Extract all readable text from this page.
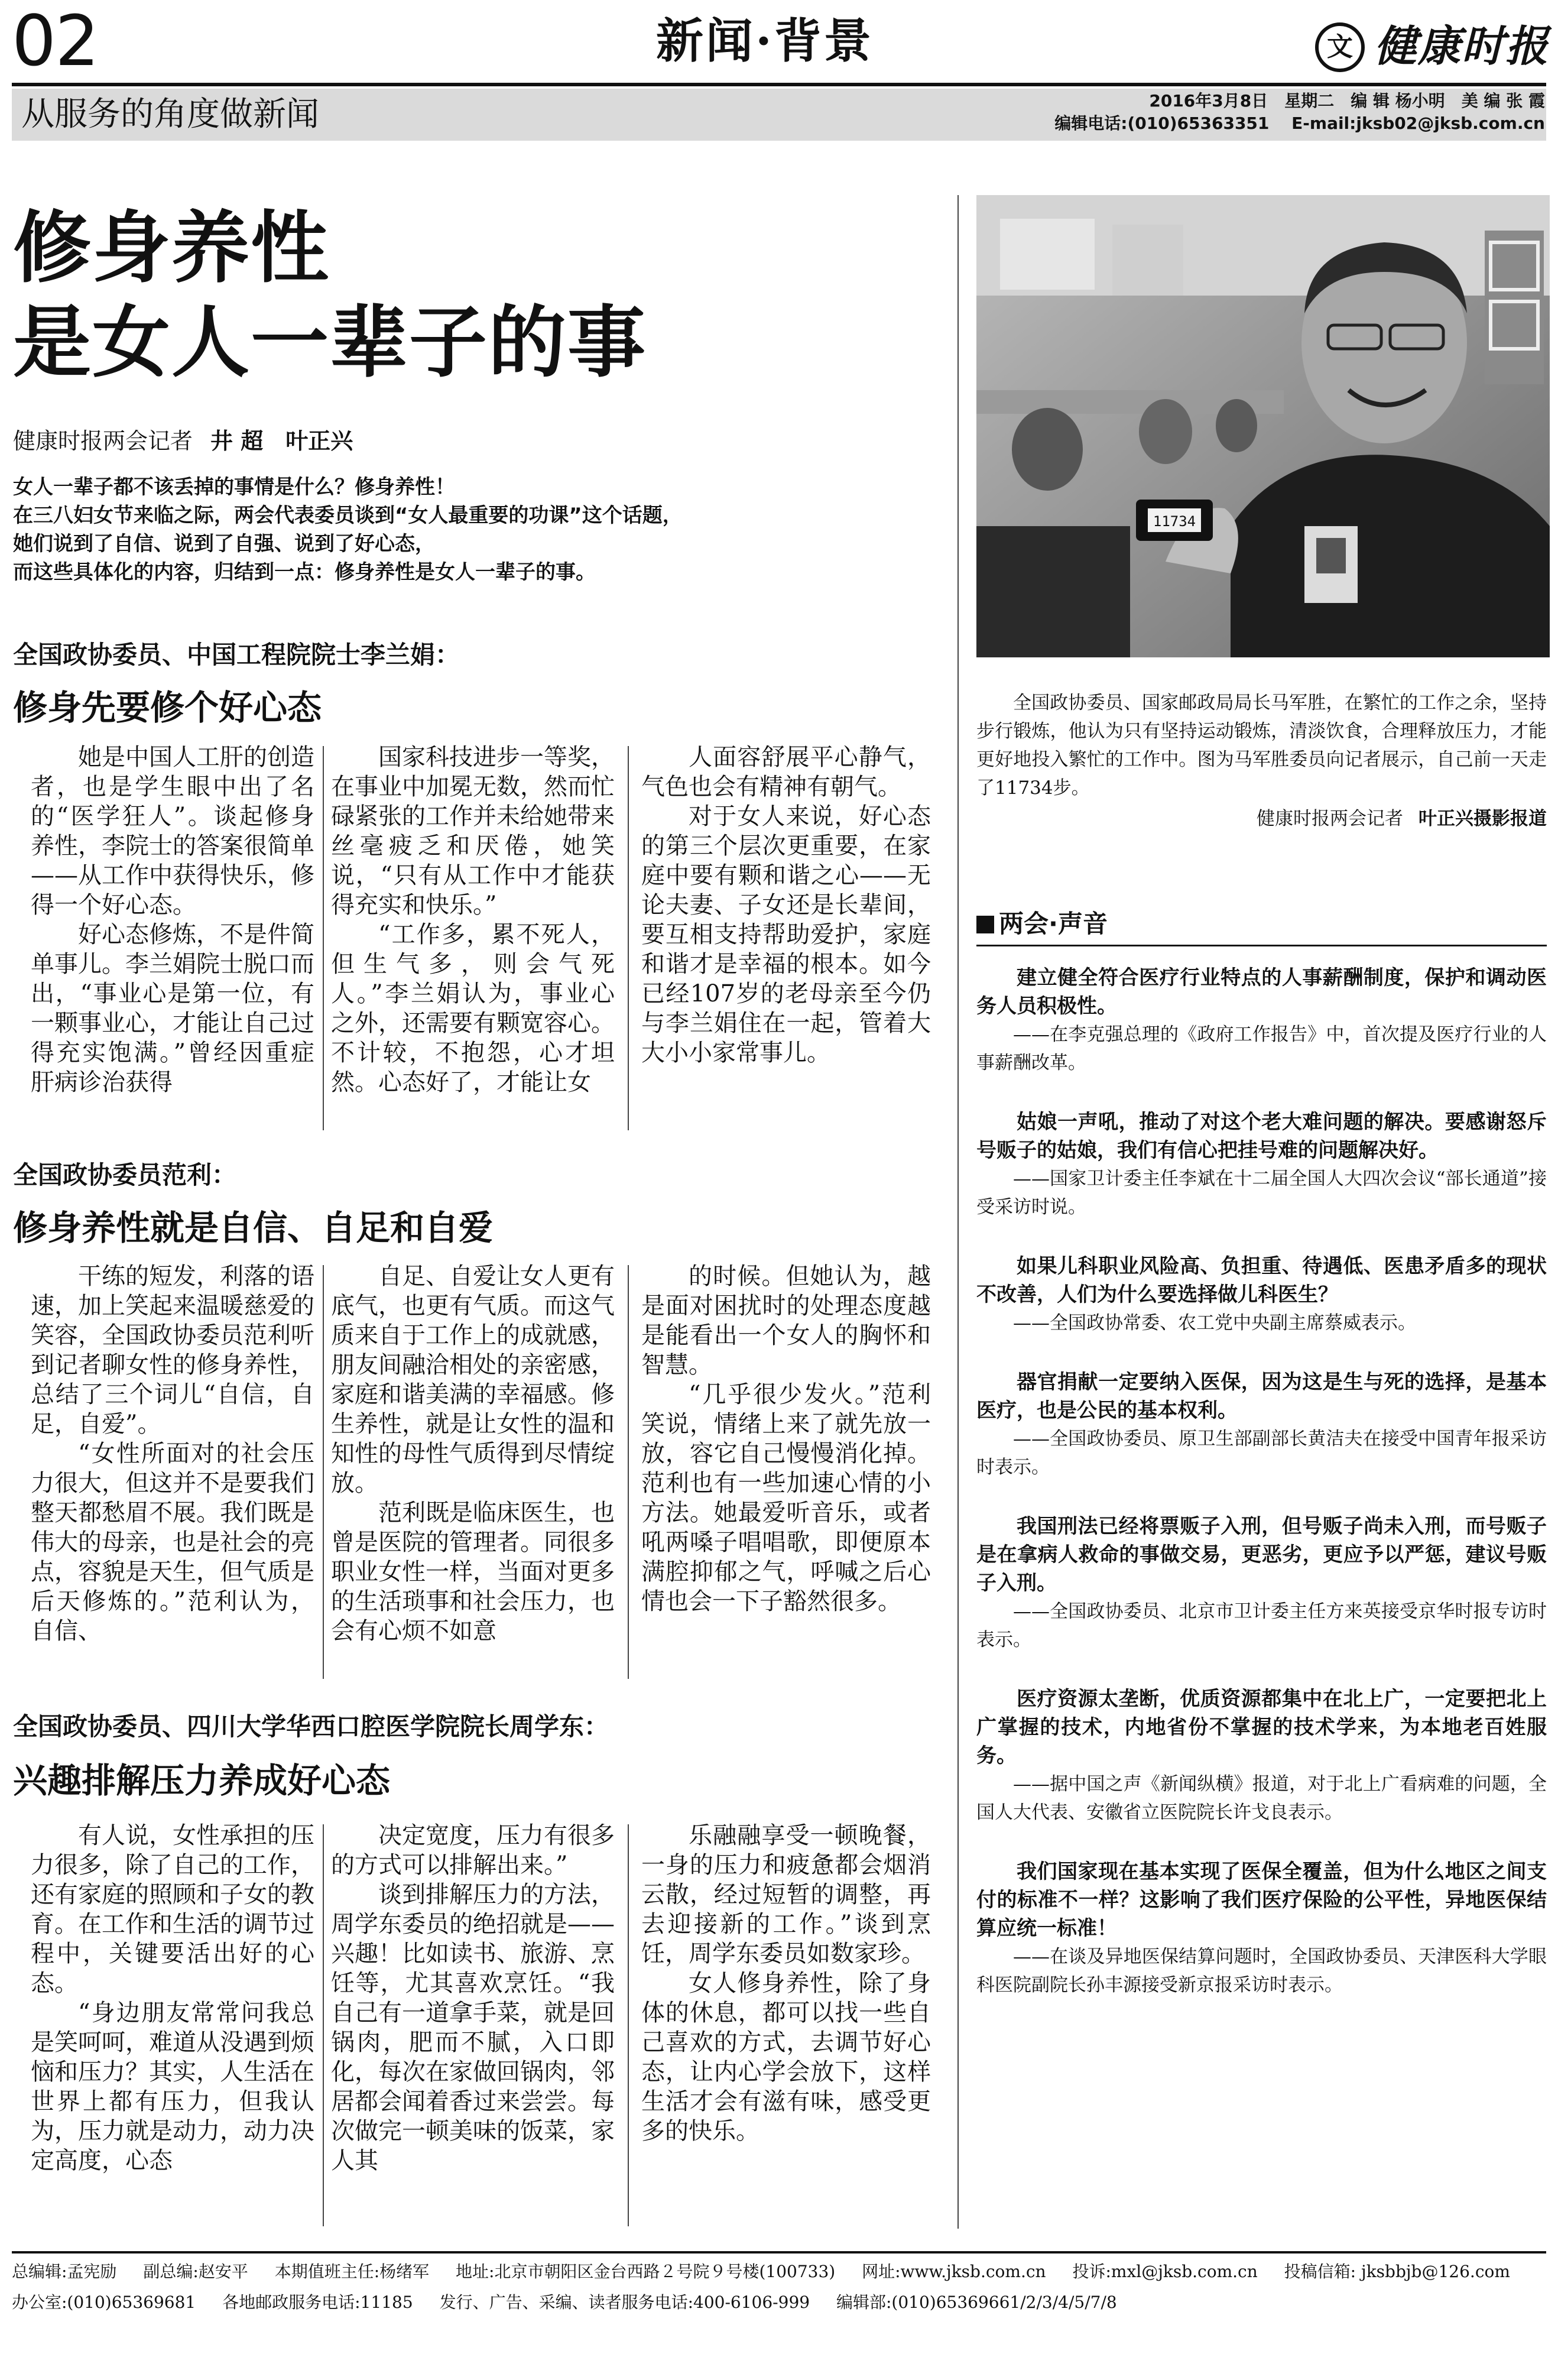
02	新闻·背景	文 健康时报
从服务的角度做新闻	2016年3月8日　星期二　编 辑 杨小明　美 编 张 霞
编辑电话:(010)65363351　 E-mail:jksb02@jksb.com.cn
修身养性
是女人一辈子的事
健康时报两会记者 井 超　叶正兴
女人一辈子都不该丢掉的事情是什么？修身养性！
在三八妇女节来临之际，两会代表委员谈到“女人最重要的功课”这个话题，
她们说到了自信、说到了自强、说到了好心态，
而这些具体化的内容，归结到一点：修身养性是女人一辈子的事。
11734

全国政协委员、国家邮政局局长马军胜，在繁忙的工作之余，坚持步行锻炼，他认为只有坚持运动锻炼，清淡饮食，合理释放压力，才能更好地投入繁忙的工作中。图为马军胜委员向记者展示，自己前一天走了11734步。

健康时报两会记者 叶正兴摄影报道
全国政协委员、中国工程院院士李兰娟：
修身先要修个好心态

她是中国人工肝的创造者，也是学生眼中出了名的“医学狂人”。谈起修身养性，李院士的答案很简单——从工作中获得快乐，修得一个好心态。

好心态修炼，不是件简单事儿。李兰娟院士脱口而出，“事业心是第一位，有一颗事业心，才能让自己过得充实饱满。”曾经因重症肝病诊治获得

国家科技进步一等奖，在事业中加冕无数，然而忙碌紧张的工作并未给她带来丝毫疲乏和厌倦，她笑说，“只有从工作中才能获得充实和快乐。”

“工作多，累不死人，但生气多，则会气死人。”李兰娟认为，事业心之外，还需要有颗宽容心。不计较，不抱怨，心才坦然。心态好了，才能让女

人面容舒展平心静气，气色也会有精神有朝气。

对于女人来说，好心态的第三个层次更重要，在家庭中要有颗和谐之心——无论夫妻、子女还是长辈间，要互相支持帮助爱护，家庭和谐才是幸福的根本。如今已经107岁的老母亲至今仍与李兰娟住在一起，管着大大小小家常事儿。

全国政协委员范利：
修身养性就是自信、自足和自爱

干练的短发，利落的语速，加上笑起来温暖慈爱的笑容，全国政协委员范利听到记者聊女性的修身养性，总结了三个词儿“自信，自足，自爱”。

“女性所面对的社会压力很大，但这并不是要我们整天都愁眉不展。我们既是伟大的母亲，也是社会的亮点，容貌是天生，但气质是后天修炼的。”范利认为，自信、

自足、自爱让女人更有底气，也更有气质。而这气质来自于工作上的成就感，朋友间融洽相处的亲密感，家庭和谐美满的幸福感。修生养性，就是让女性的温和知性的母性气质得到尽情绽放。

范利既是临床医生，也曾是医院的管理者。同很多职业女性一样，当面对更多的生活琐事和社会压力，也会有心烦不如意

的时候。但她认为，越是面对困扰时的处理态度越是能看出一个女人的胸怀和智慧。

“几乎很少发火。”范利笑说，情绪上来了就先放一放，容它自己慢慢消化掉。范利也有一些加速心情的小方法。她最爱听音乐，或者吼两嗓子唱唱歌，即便原本满腔抑郁之气，呼喊之后心情也会一下子豁然很多。

全国政协委员、四川大学华西口腔医学院院长周学东：
兴趣排解压力养成好心态

有人说，女性承担的压力很多，除了自己的工作，还有家庭的照顾和子女的教育。在工作和生活的调节过程中，关键要活出好的心态。

“身边朋友常常问我总是笑呵呵，难道从没遇到烦恼和压力？其实，人生活在世界上都有压力，但我认为，压力就是动力，动力决定高度，心态

决定宽度，压力有很多的方式可以排解出来。”

谈到排解压力的方法，周学东委员的绝招就是——兴趣！比如读书、旅游、烹饪等，尤其喜欢烹饪。“我自己有一道拿手菜，就是回锅肉，肥而不腻，入口即化，每次在家做回锅肉，邻居都会闻着香过来尝尝。每次做完一顿美味的饭菜，家人其

乐融融享受一顿晚餐，一身的压力和疲惫都会烟消云散，经过短暂的调整，再去迎接新的工作。”谈到烹饪，周学东委员如数家珍。

女人修身养性，除了身体的休息，都可以找一些自己喜欢的方式，去调节好心态，让内心学会放下，这样生活才会有滋有味，感受更多的快乐。

两会·声音

建立健全符合医疗行业特点的人事薪酬制度，保护和调动医务人员积极性。

——在李克强总理的《政府工作报告》中，首次提及医疗行业的人事薪酬改革。

姑娘一声吼，推动了对这个老大难问题的解决。要感谢怒斥号贩子的姑娘，我们有信心把挂号难的问题解决好。

——国家卫计委主任李斌在十二届全国人大四次会议“部长通道”接受采访时说。

如果儿科职业风险高、负担重、待遇低、医患矛盾多的现状不改善，人们为什么要选择做儿科医生？

——全国政协常委、农工党中央副主席蔡威表示。

器官捐献一定要纳入医保，因为这是生与死的选择，是基本医疗，也是公民的基本权利。

——全国政协委员、原卫生部副部长黄洁夫在接受中国青年报采访时表示。

我国刑法已经将票贩子入刑，但号贩子尚未入刑，而号贩子是在拿病人救命的事做交易，更恶劣，更应予以严惩，建议号贩子入刑。

——全国政协委员、北京市卫计委主任方来英接受京华时报专访时表示。

医疗资源太垄断，优质资源都集中在北上广，一定要把北上广掌握的技术，内地省份不掌握的技术学来，为本地老百姓服务。

——据中国之声《新闻纵横》报道，对于北上广看病难的问题，全国人大代表、安徽省立医院院长许戈良表示。

我们国家现在基本实现了医保全覆盖，但为什么地区之间支付的标准不一样？这影响了我们医疗保险的公平性，异地医保结算应统一标准！

——在谈及异地医保结算问题时，全国政协委员、天津医科大学眼科医院副院长孙丰源接受新京报采访时表示。

总编辑:孟宪励 副总编:赵安平 本期值班主任:杨绪军 地址:北京市朝阳区金台西路２号院９号楼(100733) 网址:www.jksb.com.cn 投诉:mxl@jksb.com.cn 投稿信箱: jksbbjb@126.com
办公室:(010)65369681 各地邮政服务电话:11185 发行、广告、采编、读者服务电话:400-6106-999 编辑部:(010)65369661/2/3/4/5/7/8
